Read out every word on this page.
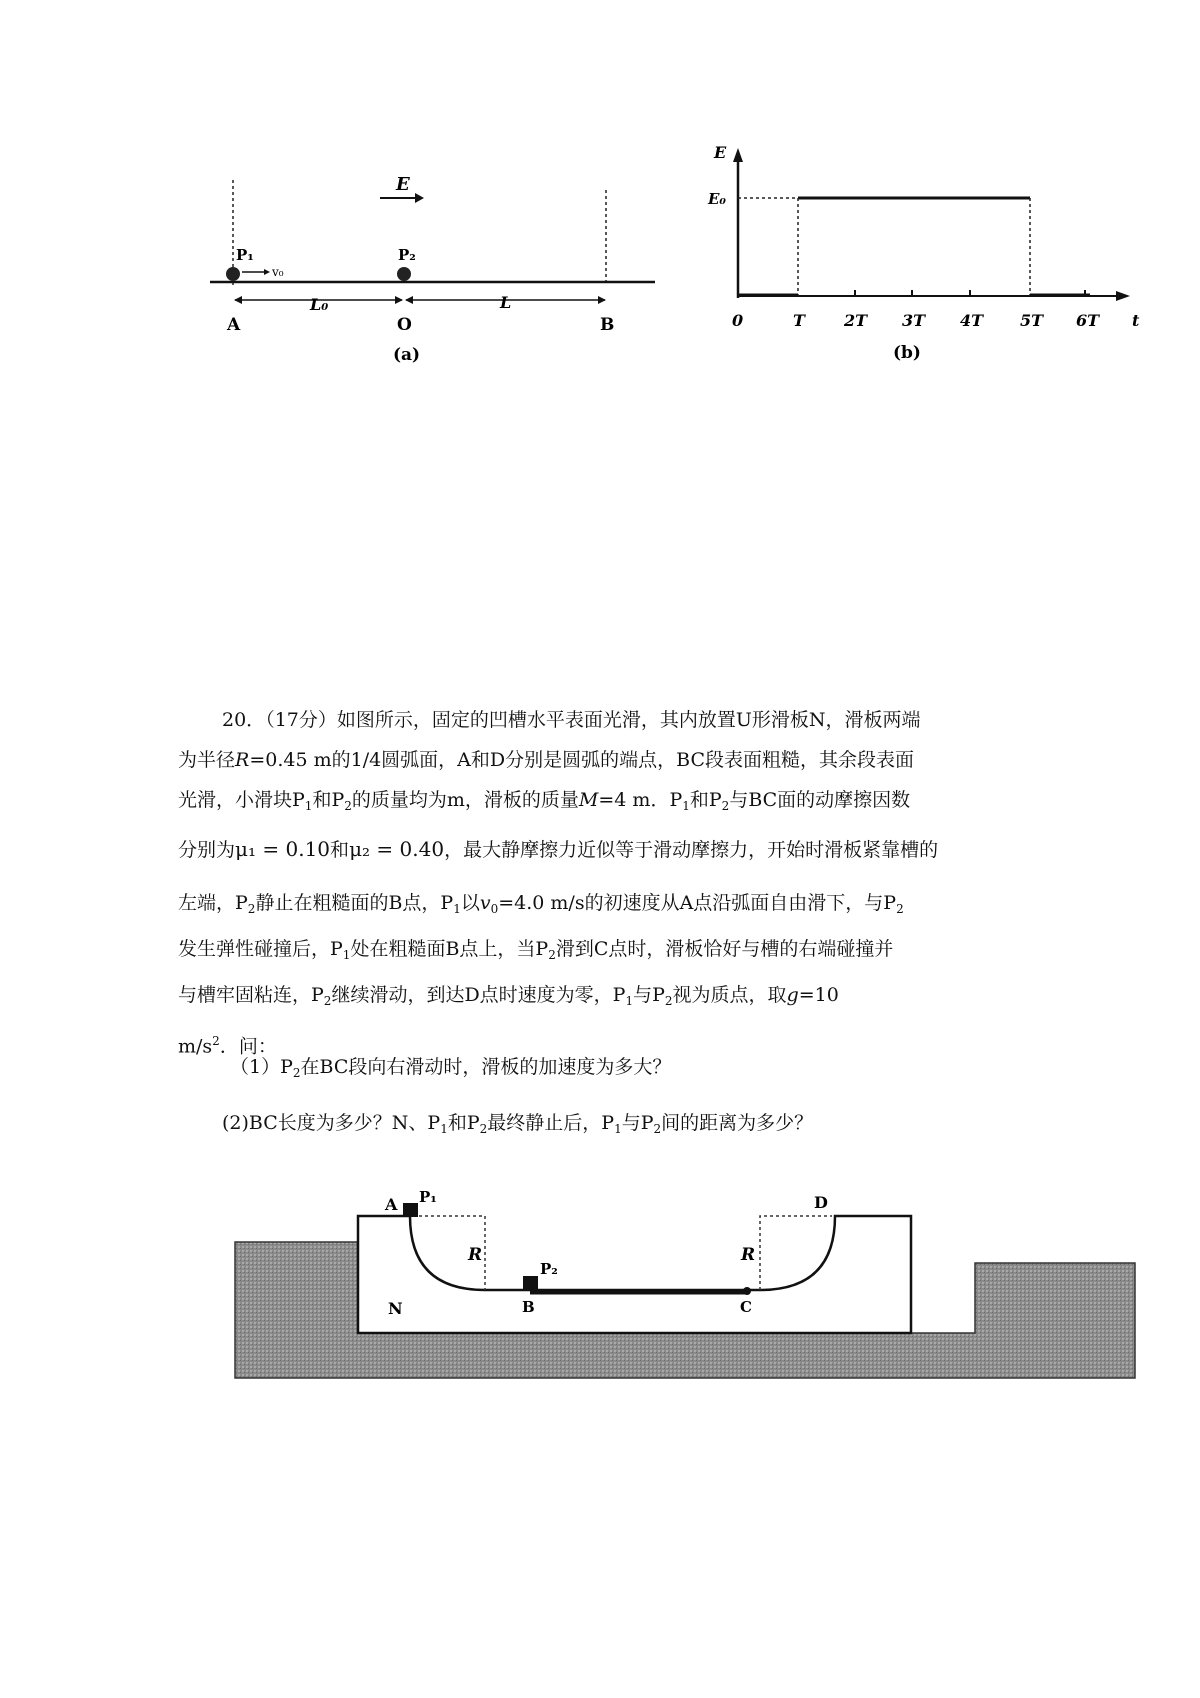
E
P₁
v₀
P₂
L₀	L
A	O	B
(a)
E
E₀
0	T 2T 3T 4T 5T 6T t
(b)
20．（17分）如图所示，固定的凹槽水平表面光滑，其内放置U形滑板N，滑板两端
为半径R=0.45 m的1/4圆弧面，A和D分别是圆弧的端点，BC段表面粗糙，其余段表面
光滑，小滑块$P_1$和$P_2$的质量均为m，滑板的质量M=4 m．$P_1$和$P_2$与BC面的动摩擦因数
分别为μ₁ = 0.10和μ₂ = 0.40，最大静摩擦力近似等于滑动摩擦力，开始时滑板紧靠槽的
左端，$P_2$静止在粗糙面的B点，$P_1$以$v_0=4.0$ m/s的初速度从A点沿弧面自由滑下，与$P_2$
发生弹性碰撞后，$P_1$处在粗糙面B点上，当$P_2$滑到C点时，滑板恰好与槽的右端碰撞并
与槽牢固粘连，$P_2$继续滑动，到达D点时速度为零，$P_1$与$P_2$视为质点，取g=10
$m/s^2$．问：
$(1)P_2$在BC段向右滑动时，滑板的加速度为多大？
(2)BC长度为多少？N、$P_1$和$P_2$最终静止后，$P_1$与$P_2$间的距离为多少？
R	R
A P₁
P₂
D
B	C
N
